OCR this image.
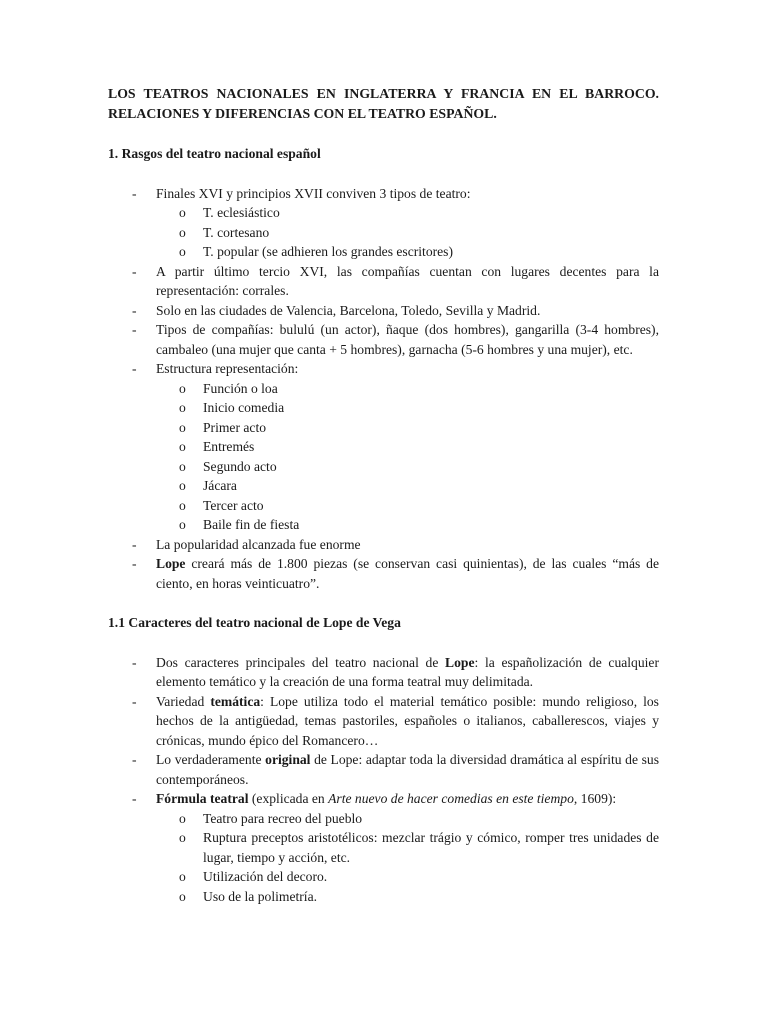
LOS TEATROS NACIONALES EN INGLATERRA Y FRANCIA EN EL BARROCO. RELACIONES Y DIFERENCIAS CON EL TEATRO ESPAÑOL.

1. Rasgos del teatro nacional español

- Finales XVI y principios XVII conviven 3 tipos de teatro:
o T. eclesiástico
o T. cortesano
o T. popular (se adhieren los grandes escritores)
- A partir último tercio XVI, las compañías cuentan con lugares decentes para la representación: corrales.
- Solo en las ciudades de Valencia, Barcelona, Toledo, Sevilla y Madrid.
- Tipos de compañías: bululú (un actor), ñaque (dos hombres), gangarilla (3-4 hombres), cambaleo (una mujer que canta + 5 hombres), garnacha (5-6 hombres y una mujer), etc.
- Estructura representación:
o Función o loa
o Inicio comedia
o Primer acto
o Entremés
o Segundo acto
o Jácara
o Tercer acto
o Baile fin de fiesta
- La popularidad alcanzada fue enorme
- Lope creará más de 1.800 piezas (se conservan casi quinientas), de las cuales “más de ciento, en horas veinticuatro”.

1.1 Caracteres del teatro nacional de Lope de Vega

- Dos caracteres principales del teatro nacional de Lope: la españolización de cualquier elemento temático y la creación de una forma teatral muy delimitada.
- Variedad temática: Lope utiliza todo el material temático posible: mundo religioso, los hechos de la antigüedad, temas pastoriles, españoles o italianos, caballerescos, viajes y crónicas, mundo épico del Romancero…
- Lo verdaderamente original de Lope: adaptar toda la diversidad dramática al espíritu de sus contemporáneos.
- Fórmula teatral (explicada en Arte nuevo de hacer comedias en este tiempo, 1609):
o Teatro para recreo del pueblo
o Ruptura preceptos aristotélicos: mezclar trágio y cómico, romper tres unidades de lugar, tiempo y acción, etc.
o Utilización del decoro.
o Uso de la polimetría.
